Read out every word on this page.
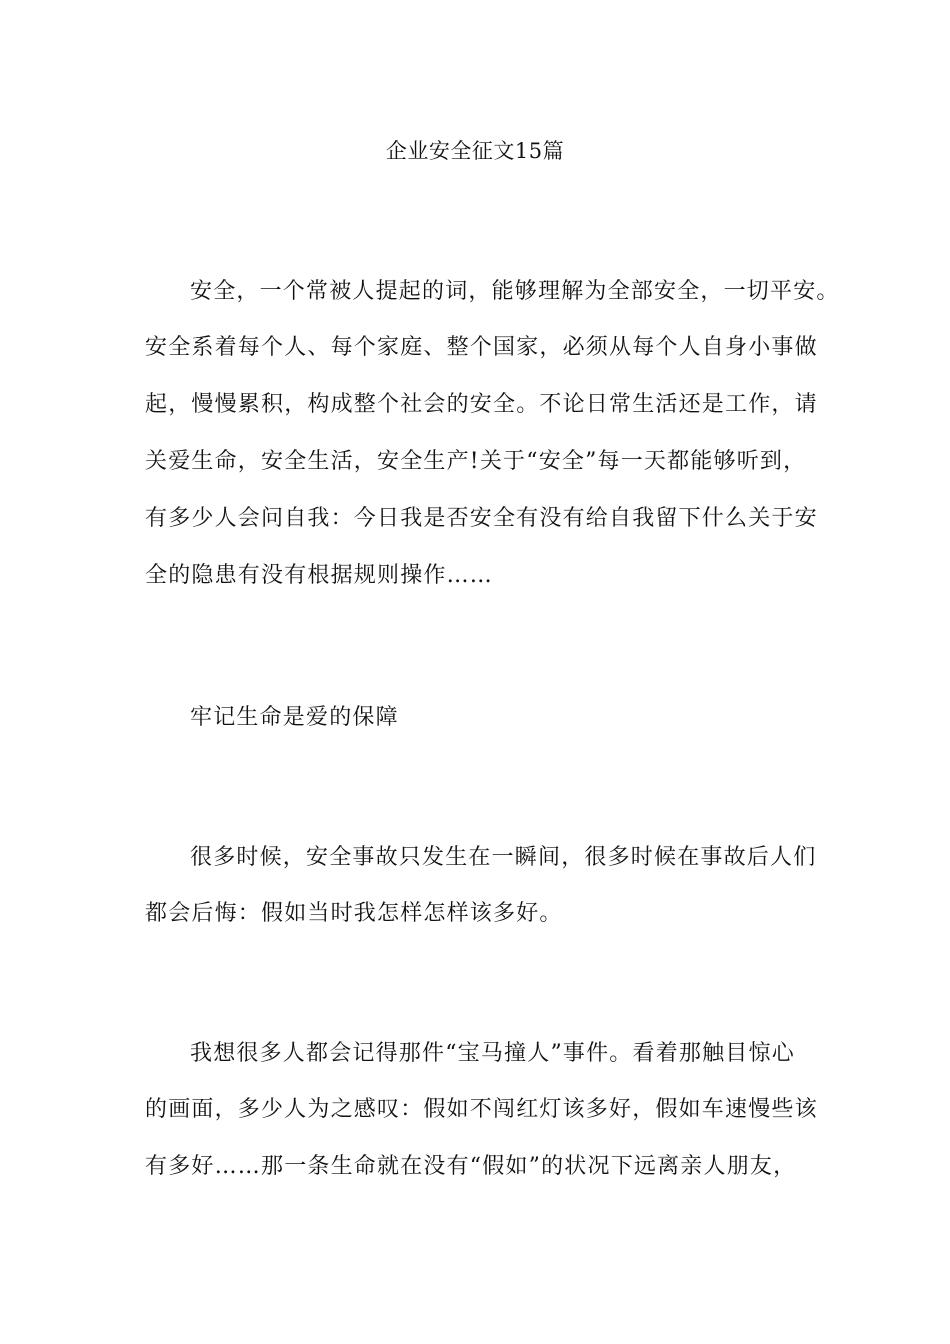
企业安全征文15篇
安全，一个常被人提起的词，能够理解为全部安全，一切平安。
安全系着每个人、每个家庭、整个国家，必须从每个人自身小事做
起，慢慢累积，构成整个社会的安全。不论日常生活还是工作，请
关爱生命，安全生活，安全生产!关于“安全”每一天都能够听到，
有多少人会问自我：今日我是否安全有没有给自我留下什么关于安
全的隐患有没有根据规则操作……
牢记生命是爱的保障
很多时候，安全事故只发生在一瞬间，很多时候在事故后人们
都会后悔：假如当时我怎样怎样该多好。
我想很多人都会记得那件“宝马撞人”事件。看着那触目惊心
的画面，多少人为之感叹：假如不闯红灯该多好，假如车速慢些该
有多好……那一条生命就在没有“假如”的状况下远离亲人朋友，
